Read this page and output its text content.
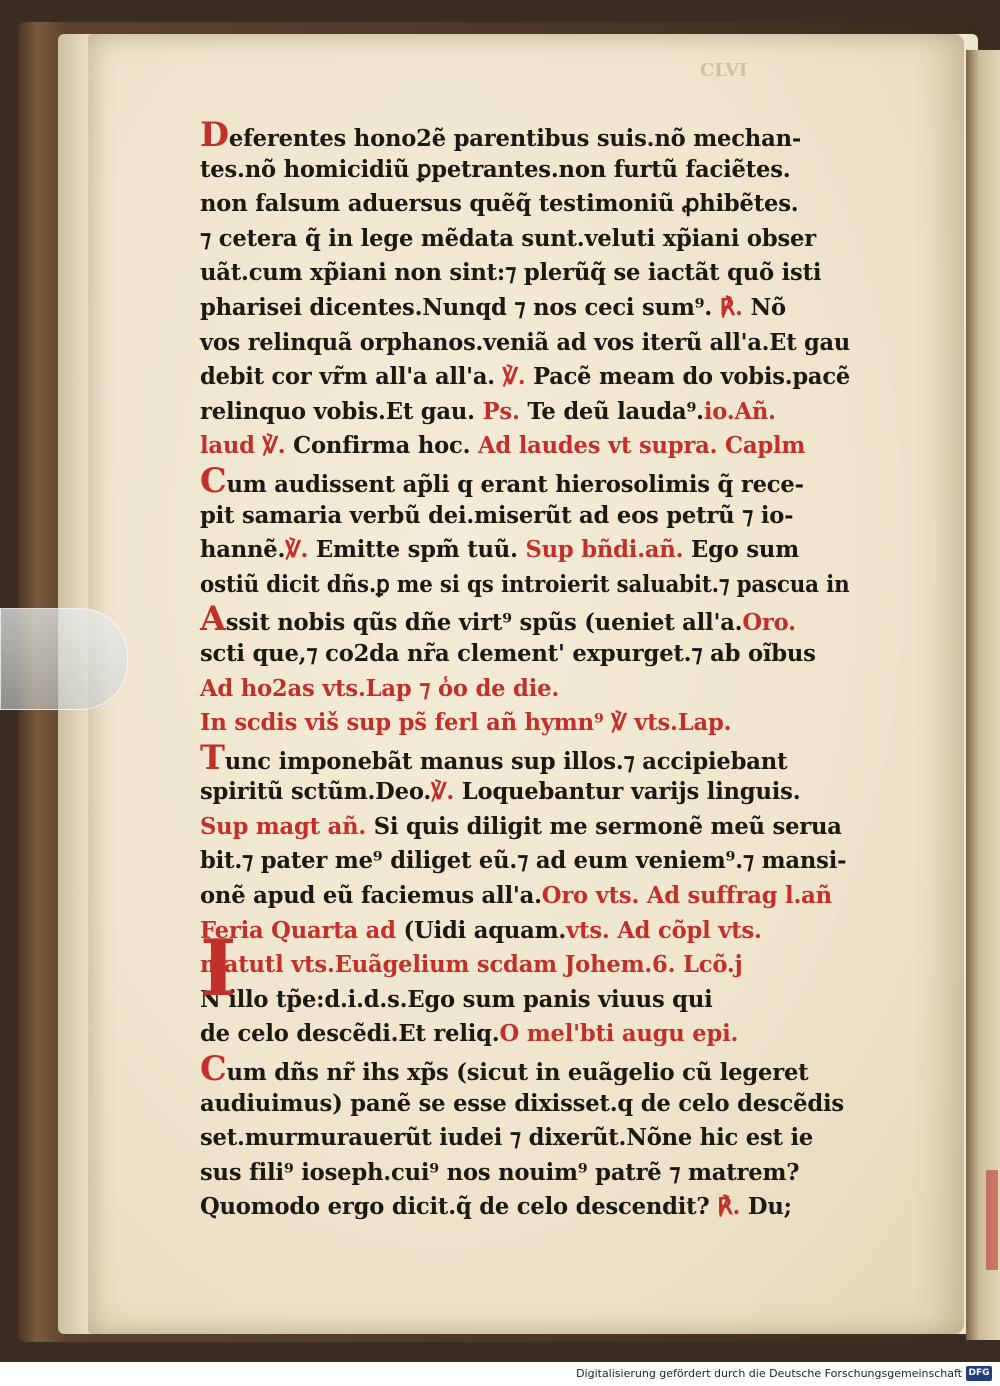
CLVI
Deferentes hono2ẽ parentibus suis.nõ mechan-
tes.nõ homicidiũ ꝑpetrantes.non furtũ faciẽtes.
non falsum aduersus quẽq̃ testimoniũ ꝓhibẽtes.
⁊ cetera q̃ in lege mẽdata sunt.veluti xp̃iani obser
uãt.cum xp̃iani non sint:⁊ plerũq̃ se iactãt quõ isti
pharisei dicentes.Nunqd ⁊ nos ceci sum⁹. ℟. Nõ
vos relinquã orphanos.veniã ad vos iterũ all'a.Et gau
debit cor vr̃m all'a all'a. ℣. Pacẽ meam do vobis.pacẽ
relinquo vobis.Et gau. Ps. Te deũ lauda⁹.io.Añ.
laud ℣. Confirma hoc. Ad laudes vt supra. Caplm
Cum audissent ap̃li q erant hierosolimis q̃ rece-
pit samaria verbũ dei.miserũt ad eos petrũ ⁊ io-
hannẽ.℣. Emitte spm̃ tuũ. Sup bñdi.añ. Ego sum
ostiũ dicit dñs.ꝑ me si qs introierit saluabit.⁊ pascua in
Assit nobis qũs dñe virt⁹ spũs (ueniet all'a.Oro.
scti que,⁊ co2da nr̃a clement' expurget.⁊ ab oĩbus
Ad ho2as vts.Lap ⁊ o̾o de die.
In scdis viš sup ps̃ ferl añ hymn⁹ ℣ vts.Lap.
Tunc imponebãt manus sup illos.⁊ accipiebant
spiritũ sctũm.Deo.℣. Loquebantur varijs linguis.
Sup magt añ. Si quis diligit me sermonẽ meũ serua
bit.⁊ pater me⁹ diliget eũ.⁊ ad eum veniem⁹.⁊ mansi-
onẽ apud eũ faciemus all'a.Oro vts. Ad suffrag l.añ
Feria Quarta ad (Uidi aquam.vts. Ad cõpl vts.
matutl vts.Euãgelium scdam Johem.6. Lcõ.j
N illo tp̃e:d.i.d.s.Ego sum panis viuus qui
de celo descẽdi.Et reliq.O mel'bti augu epi.
Cum dñs nr̃ ihs xp̃s (sicut in euãgelio cũ legeret
audiuimus) panẽ se esse dixisset.q de celo descẽdis
set.murmurauerũt iudei ⁊ dixerũt.Nõne hic est ie
sus fili⁹ ioseph.cui⁹ nos nouim⁹ patrẽ ⁊ matrem?
Quomodo ergo dicit.q̃ de celo descendit? ℟. Du;
I
Digitalisierung gefördert durch die Deutsche Forschungsgemeinschaft DFG
